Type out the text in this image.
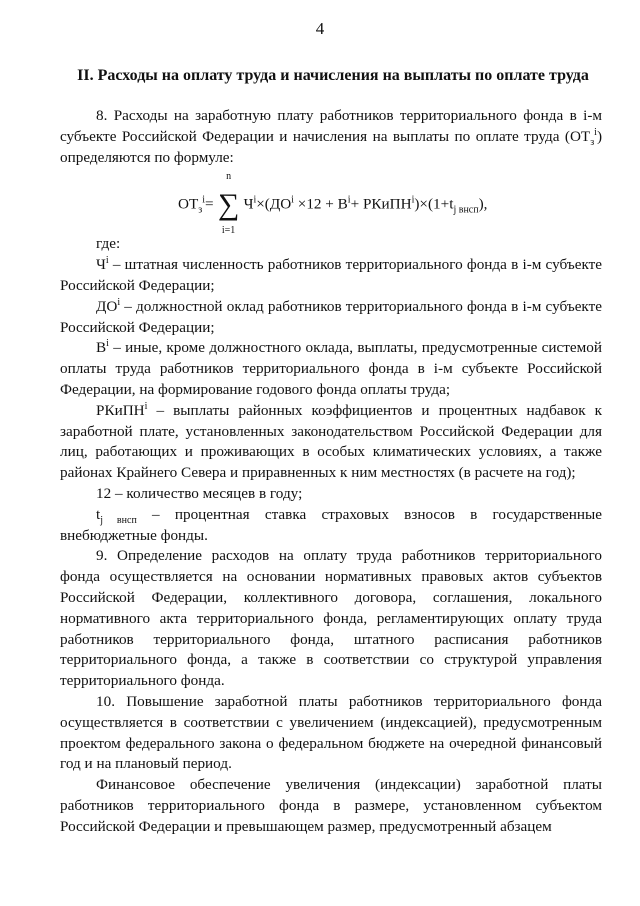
4
II. Расходы на оплату труда и начисления на выплаты по оплате труда

8. Расходы на заработную плату работников территориального фонда в i-м субъекте Российской Федерации и начисления на выплаты по оплате труда $(ОТ_з^i)$ определяются по формуле:

$ОТ_з^i=$
n
∑
i=1
$Ч^i\times(ДО^i \times 12 + В^i+$ $РКиПН^i)\times(1+t_{j внсп})$,

где:

$Ч^i$ – штатная численность работников территориального фонда в i-м субъекте Российской Федерации;

$ДО^i$ – должностной оклад работников территориального фонда в i-м субъекте Российской Федерации;

$В^i$ – иные, кроме должностного оклада, выплаты, предусмотренные системой оплаты труда работников территориального фонда в i-м субъекте Российской Федерации, на формирование годового фонда оплаты труда;

РКиПН$^i$ – выплаты районных коэффициентов и процентных надбавок к заработной плате, установленных законодательством Российской Федерации для лиц, работающих и проживающих в особых климатических условиях, а также районах Крайнего Севера и приравненных к ним местностях (в расчете на год);

12 – количество месяцев в году;

$t_{j внсп}$ – процентная ставка страховых взносов в государственные внебюджетные фонды.

9. Определение расходов на оплату труда работников территориального фонда осуществляется на основании нормативных правовых актов субъектов Российской Федерации, коллективного договора, соглашения, локального нормативного акта территориального фонда, регламентирующих оплату труда работников территориального фонда, штатного расписания работников территориального фонда, а также в соответствии со структурой управления территориального фонда.

10. Повышение заработной платы работников территориального фонда осуществляется в соответствии с увеличением (индексацией), предусмотренным проектом федерального закона о федеральном бюджете на очередной финансовый год и на плановый период.

Финансовое обеспечение увеличения (индексации) заработной платы работников территориального фонда в размере, установленном субъектом Российской Федерации и превышающем размер, предусмотренный абзацем
